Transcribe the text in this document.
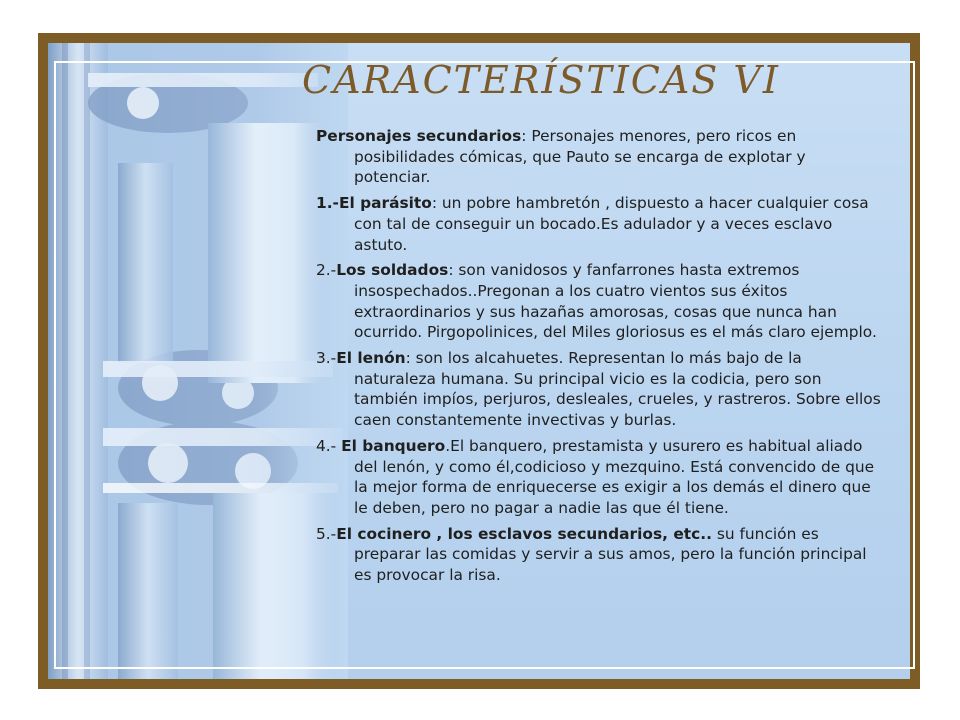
CARACTERÍSTICAS VI

Personajes secundarios: Personajes menores, pero ricos en posibilidades cómicas, que Pauto se encarga de explotar y potenciar.

1.-El parásito: un pobre hambretón , dispuesto a hacer cualquier cosa con tal de conseguir un bocado.Es adulador y a veces esclavo astuto.

2.-Los soldados: son vanidosos y fanfarrones hasta extremos insospechados..Pregonan a los cuatro vientos sus éxitos extraordinarios y sus hazañas amorosas, cosas que nunca han ocurrido. Pirgopolinices, del Miles gloriosus es el más claro ejemplo.

3.-El lenón: son los alcahuetes. Representan lo más bajo de la naturaleza humana. Su principal vicio es la codicia, pero son también impíos, perjuros, desleales, crueles, y rastreros. Sobre ellos caen constantemente invectivas y burlas.

4.- El banquero.El banquero, prestamista y usurero es habitual aliado del lenón, y como él,codicioso y mezquino. Está convencido de que la mejor forma de enriquecerse es exigir a los demás el dinero que le deben, pero no pagar a nadie las que él tiene.

5.-El cocinero , los esclavos secundarios, etc.. su función es preparar las comidas y servir a sus amos, pero la función principal es provocar la risa.
